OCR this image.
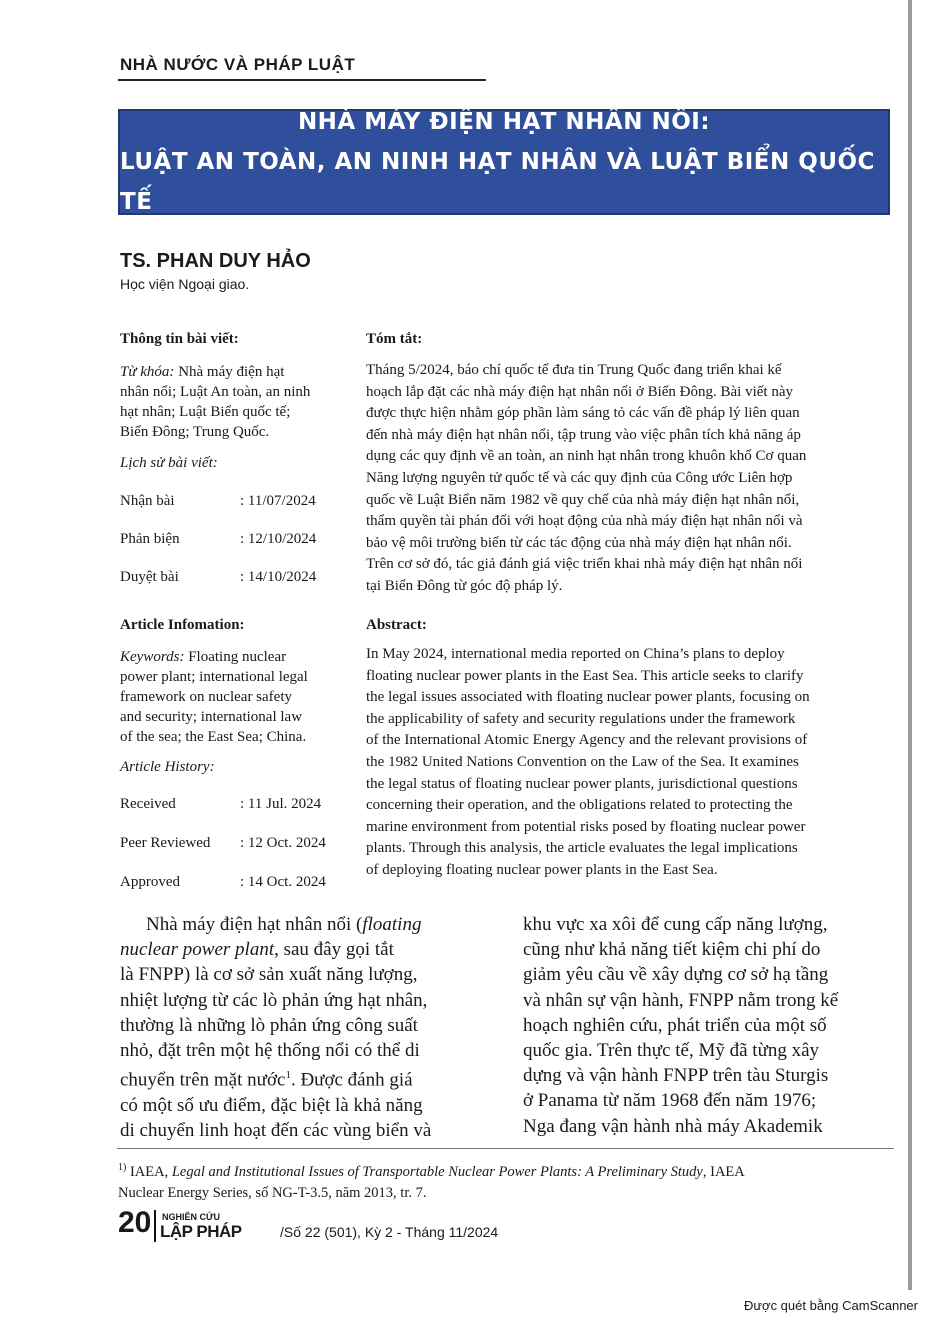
NHÀ NƯỚC VÀ PHÁP LUẬT
NHÀ MÁY ĐIỆN HẠT NHÂN NỔI:
LUẬT AN TOÀN, AN NINH HẠT NHÂN VÀ LUẬT BIỂN QUỐC TẾ
TS. PHAN DUY HẢO
Học viện Ngoại giao.
Thông tin bài viết:
Từ khóa: Nhà máy điện hạt
nhân nổi; Luật An toàn, an ninh
hạt nhân; Luật Biển quốc tế;
Biển Đông; Trung Quốc.
Lịch sử bài viết:
Nhận bài	: 11/07/2024
Phản biện	: 12/10/2024
Duyệt bài	: 14/10/2024
Article Infomation:
Keywords: Floating nuclear
power plant; international legal
framework on nuclear safety
and security; international law
of the sea; the East Sea; China.
Article History:
Received	: 11 Jul. 2024
Peer Reviewed	: 12 Oct. 2024
Approved	: 14 Oct. 2024
Tóm tắt:
Tháng 5/2024, báo chí quốc tế đưa tin Trung Quốc đang triển khai kế
hoạch lắp đặt các nhà máy điện hạt nhân nổi ở Biển Đông. Bài viết này
được thực hiện nhằm góp phần làm sáng tỏ các vấn đề pháp lý liên quan
đến nhà máy điện hạt nhân nổi, tập trung vào việc phân tích khả năng áp
dụng các quy định về an toàn, an ninh hạt nhân trong khuôn khổ Cơ quan
Năng lượng nguyên tử quốc tế và các quy định của Công ước Liên hợp
quốc về Luật Biển năm 1982 về quy chế của nhà máy điện hạt nhân nổi,
thẩm quyền tài phán đối với hoạt động của nhà máy điện hạt nhân nổi và
bảo vệ môi trường biển từ các tác động của nhà máy điện hạt nhân nổi.
Trên cơ sở đó, tác giả đánh giá việc triển khai nhà máy điện hạt nhân nổi
tại Biển Đông từ góc độ pháp lý.
Abstract:
In May 2024, international media reported on China’s plans to deploy
floating nuclear power plants in the East Sea. This article seeks to clarify
the legal issues associated with floating nuclear power plants, focusing on
the applicability of safety and security regulations under the framework
of the International Atomic Energy Agency and the relevant provisions of
the 1982 United Nations Convention on the Law of the Sea. It examines
the legal status of floating nuclear power plants, jurisdictional questions
concerning their operation, and the obligations related to protecting the
marine environment from potential risks posed by floating nuclear power
plants. Through this analysis, the article evaluates the legal implications
of deploying floating nuclear power plants in the East Sea.
Nhà máy điện hạt nhân nổi (floating
nuclear power plant, sau đây gọi tắt
là FNPP) là cơ sở sản xuất năng lượng,
nhiệt lượng từ các lò phản ứng hạt nhân,
thường là những lò phản ứng công suất
nhỏ, đặt trên một hệ thống nổi có thể di
chuyển trên mặt nước$^1$. Được đánh giá
có một số ưu điểm, đặc biệt là khả năng
di chuyển linh hoạt đến các vùng biển và
khu vực xa xôi để cung cấp năng lượng,
cũng như khả năng tiết kiệm chi phí do
giảm yêu cầu về xây dựng cơ sở hạ tầng
và nhân sự vận hành, FNPP nằm trong kế
hoạch nghiên cứu, phát triển của một số
quốc gia. Trên thực tế, Mỹ đã từng xây
dựng và vận hành FNPP trên tàu Sturgis
ở Panama từ năm 1968 đến năm 1976;
Nga đang vận hành nhà máy Akademik
$^{1)}$ IAEA, Legal and Institutional Issues of Transportable Nuclear Power Plants: A Preliminary Study, IAEA
Nuclear Energy Series, số NG-T-3.5, năm 2013, tr. 7.
20 NGHIÊN CỨU
LẬP PHÁP	/Số 22 (501), Kỳ 2 - Tháng 11/2024
Được quét bằng CamScanner
